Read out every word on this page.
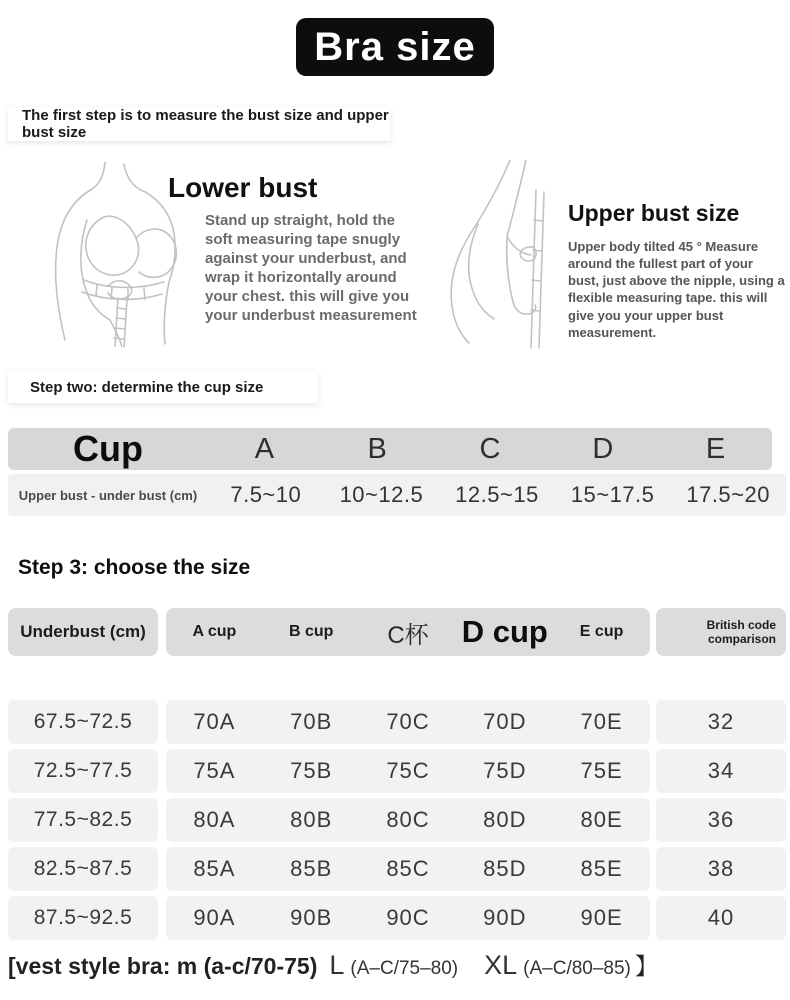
Bra size
The first step is to measure the bust size and upper bust size
Lower bust
Stand up straight, hold the soft measuring tape snugly against your underbust, and wrap it horizontally around your chest. this will give you your underbust measurement
Upper bust size
Upper body tilted 45 ° Measure around the fullest part of your bust, just above the nipple, using a flexible measuring tape. this will give you your upper bust measurement.
Step two: determine the cup size
Cup	A	B	C	D	E
Upper bust - under bust (cm)	7.5~10	10~12.5	12.5~15	15~17.5	17.5~20
Step 3: choose the size
Underbust (cm)	A cup	B cup	C杯	D cup	E cup	British code comparison
67.5~72.5	70A	70B	70C	70D	70E	32
72.5~77.5	75A	75B	75C	75D	75E	34
77.5~82.5	80A	80B	80C	80D	80E	36
82.5~87.5	85A	85B	85C	85D	85E	38
87.5~92.5	90A	90B	90C	90D	90E	40
[vest style bra: m (a-c/70-75) L (A–C/75–80) XL (A–C/80–85) 】
